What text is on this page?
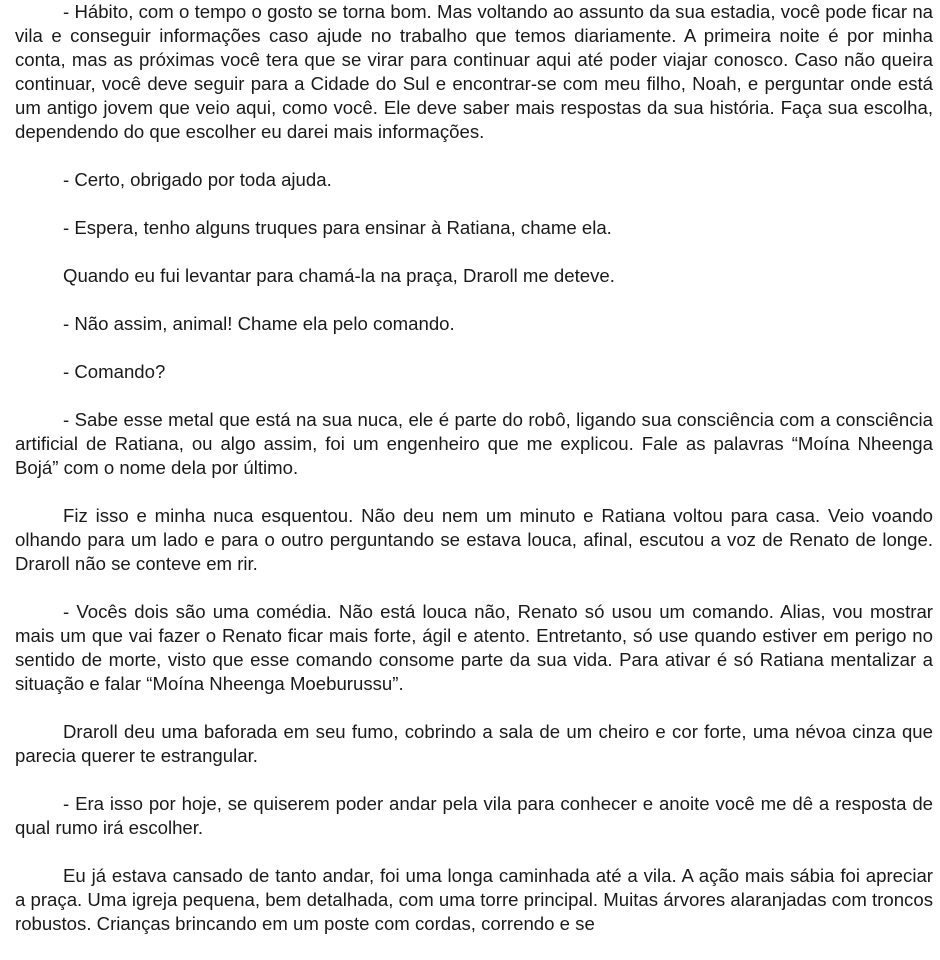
- Hábito, com o tempo o gosto se torna bom. Mas voltando ao assunto da sua estadia, você pode ficar na vila e conseguir informações caso ajude no trabalho que temos diariamente. A primeira noite é por minha conta, mas as próximas você tera que se virar para continuar aqui até poder viajar conosco. Caso não queira continuar, você deve seguir para a Cidade do Sul e encontrar-se com meu filho, Noah, e perguntar onde está um antigo jovem que veio aqui, como você. Ele deve saber mais respostas da sua história. Faça sua escolha, dependendo do que escolher eu darei mais informações.

- Certo, obrigado por toda ajuda.

- Espera, tenho alguns truques para ensinar à Ratiana, chame ela.

Quando eu fui levantar para chamá-la na praça, Draroll me deteve.

- Não assim, animal! Chame ela pelo comando.

- Comando?

- Sabe esse metal que está na sua nuca, ele é parte do robô, ligando sua consciência com a consciência artificial de Ratiana, ou algo assim, foi um engenheiro que me explicou. Fale as palavras “Moína Nheenga Bojá” com o nome dela por último.

Fiz isso e minha nuca esquentou. Não deu nem um minuto e Ratiana voltou para casa. Veio voando olhando para um lado e para o outro perguntando se estava louca, afinal, escutou a voz de Renato de longe. Draroll não se conteve em rir.

- Vocês dois são uma comédia. Não está louca não, Renato só usou um comando. Alias, vou mostrar mais um que vai fazer o Renato ficar mais forte, ágil e atento. Entretanto, só use quando estiver em perigo no sentido de morte, visto que esse comando consome parte da sua vida. Para ativar é só Ratiana mentalizar a situação e falar “Moína Nheenga Moeburussu”.

Draroll deu uma baforada em seu fumo, cobrindo a sala de um cheiro e cor forte, uma névoa cinza que parecia querer te estrangular.

- Era isso por hoje, se quiserem poder andar pela vila para conhecer e anoite você me dê a resposta de qual rumo irá escolher.

Eu já estava cansado de tanto andar, foi uma longa caminhada até a vila. A ação mais sábia foi apreciar a praça. Uma igreja pequena, bem detalhada, com uma torre principal. Muitas árvores alaranjadas com troncos robustos. Crianças brincando em um poste com cordas, correndo e se
